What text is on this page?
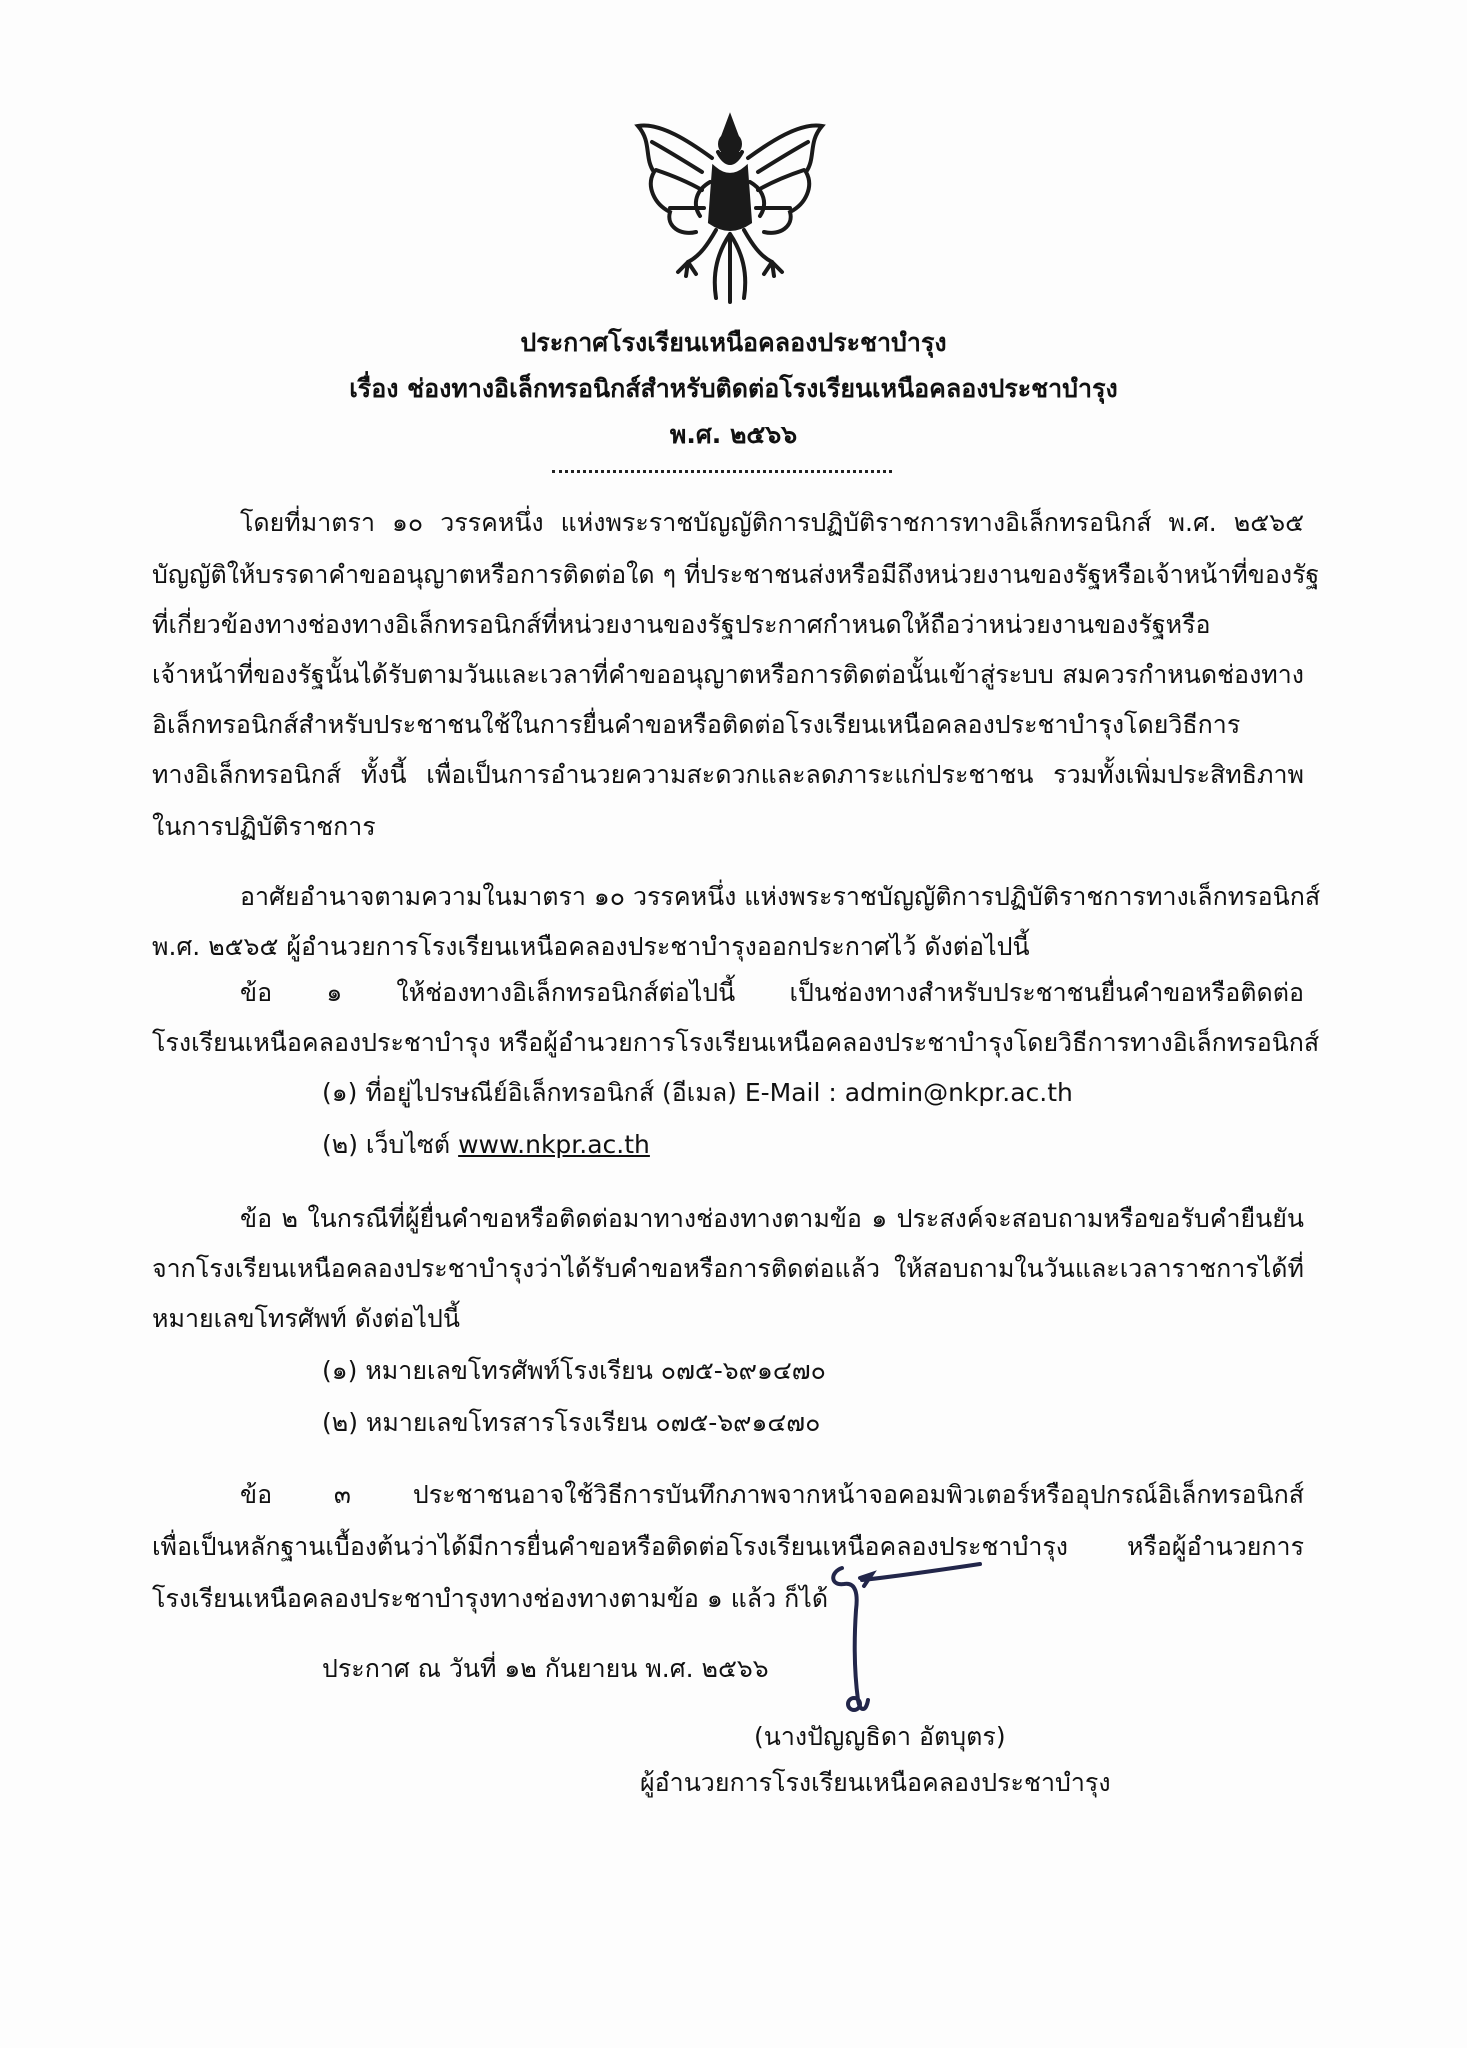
ประกาศโรงเรียนเหนือคลองประชาบำรุง
เรื่อง ช่องทางอิเล็กทรอนิกส์สำหรับติดต่อโรงเรียนเหนือคลองประชาบำรุง
พ.ศ. ๒๕๖๖
โดยที่มาตรา ๑๐ วรรคหนึ่ง แห่งพระราชบัญญัติการปฏิบัติราชการทางอิเล็กทรอนิกส์ พ.ศ. ๒๕๖๕
บัญญัติให้บรรดาคำขออนุญาตหรือการติดต่อใด ๆ ที่ประชาชนส่งหรือมีถึงหน่วยงานของรัฐหรือเจ้าหน้าที่ของรัฐ
ที่เกี่ยวข้องทางช่องทางอิเล็กทรอนิกส์ที่หน่วยงานของรัฐประกาศกำหนดให้ถือว่าหน่วยงานของรัฐหรือ
เจ้าหน้าที่ของรัฐนั้นได้รับตามวันและเวลาที่คำขออนุญาตหรือการติดต่อนั้นเข้าสู่ระบบ สมควรกำหนดช่องทาง
อิเล็กทรอนิกส์สำหรับประชาชนใช้ในการยื่นคำขอหรือติดต่อโรงเรียนเหนือคลองประชาบำรุงโดยวิธีการ
ทางอิเล็กทรอนิกส์ ทั้งนี้ เพื่อเป็นการอำนวยความสะดวกและลดภาระแก่ประชาชน รวมทั้งเพิ่มประสิทธิภาพ
ในการปฏิบัติราชการ
อาศัยอำนาจตามความในมาตรา ๑๐ วรรคหนึ่ง แห่งพระราชบัญญัติการปฏิบัติราชการทางเล็กทรอนิกส์
พ.ศ. ๒๕๖๕ ผู้อำนวยการโรงเรียนเหนือคลองประชาบำรุงออกประกาศไว้ ดังต่อไปนี้
ข้อ ๑ ให้ช่องทางอิเล็กทรอนิกส์ต่อไปนี้ เป็นช่องทางสำหรับประชาชนยื่นคำขอหรือติดต่อ
โรงเรียนเหนือคลองประชาบำรุง หรือผู้อำนวยการโรงเรียนเหนือคลองประชาบำรุงโดยวิธีการทางอิเล็กทรอนิกส์
(๑) ที่อยู่ไปรษณีย์อิเล็กทรอนิกส์ (อีเมล) E-Mail : admin@nkpr.ac.th
(๒) เว็บไซต์ www.nkpr.ac.th
ข้อ ๒ ในกรณีที่ผู้ยื่นคำขอหรือติดต่อมาทางช่องทางตามข้อ ๑ ประสงค์จะสอบถามหรือขอรับคำยืนยัน
จากโรงเรียนเหนือคลองประชาบำรุงว่าได้รับคำขอหรือการติดต่อแล้ว ให้สอบถามในวันและเวลาราชการได้ที่
หมายเลขโทรศัพท์ ดังต่อไปนี้
(๑) หมายเลขโทรศัพท์โรงเรียน ๐๗๕-๖๙๑๔๗๐
(๒) หมายเลขโทรสารโรงเรียน ๐๗๕-๖๙๑๔๗๐
ข้อ ๓ ประชาชนอาจใช้วิธีการบันทึกภาพจากหน้าจอคอมพิวเตอร์หรืออุปกรณ์อิเล็กทรอนิกส์
เพื่อเป็นหลักฐานเบื้องต้นว่าได้มีการยื่นคำขอหรือติดต่อโรงเรียนเหนือคลองประชาบำรุง หรือผู้อำนวยการ
โรงเรียนเหนือคลองประชาบำรุงทางช่องทางตามข้อ ๑ แล้ว ก็ได้
ประกาศ ณ วันที่ ๑๒ กันยายน พ.ศ. ๒๕๖๖
(นางปัญญธิดา อัตบุตร)
ผู้อำนวยการโรงเรียนเหนือคลองประชาบำรุง
